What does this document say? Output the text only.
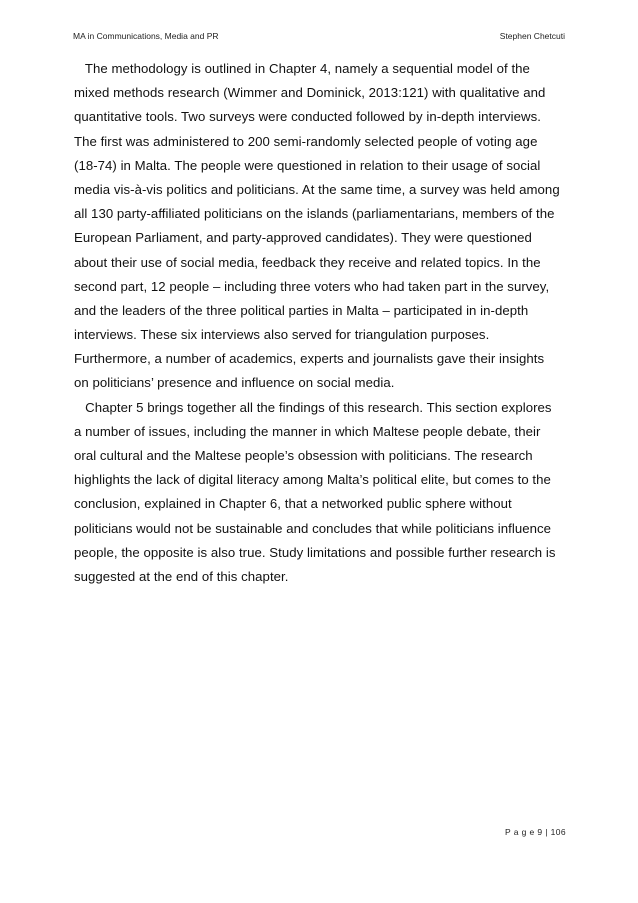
MA in Communications, Media and PR	Stephen Chetcuti
The methodology is outlined in Chapter 4, namely a sequential model of the
mixed methods research (Wimmer and Dominick, 2013:121) with qualitative and
quantitative tools. Two surveys were conducted followed by in-depth interviews.
The first was administered to 200 semi-randomly selected people of voting age
(18-74) in Malta. The people were questioned in relation to their usage of social
media vis-à-vis politics and politicians. At the same time, a survey was held among
all 130 party-affiliated politicians on the islands (parliamentarians, members of the
European Parliament, and party-approved candidates). They were questioned
about their use of social media, feedback they receive and related topics. In the
second part, 12 people – including three voters who had taken part in the survey,
and the leaders of the three political parties in Malta – participated in in-depth
interviews. These six interviews also served for triangulation purposes.
Furthermore, a number of academics, experts and journalists gave their insights
on politicians’ presence and influence on social media.
Chapter 5 brings together all the findings of this research. This section explores
a number of issues, including the manner in which Maltese people debate, their
oral cultural and the Maltese people’s obsession with politicians. The research
highlights the lack of digital literacy among Malta’s political elite, but comes to the
conclusion, explained in Chapter 6, that a networked public sphere without
politicians would not be sustainable and concludes that while politicians influence
people, the opposite is also true. Study limitations and possible further research is
suggested at the end of this chapter.
P a g e 9 | 106
